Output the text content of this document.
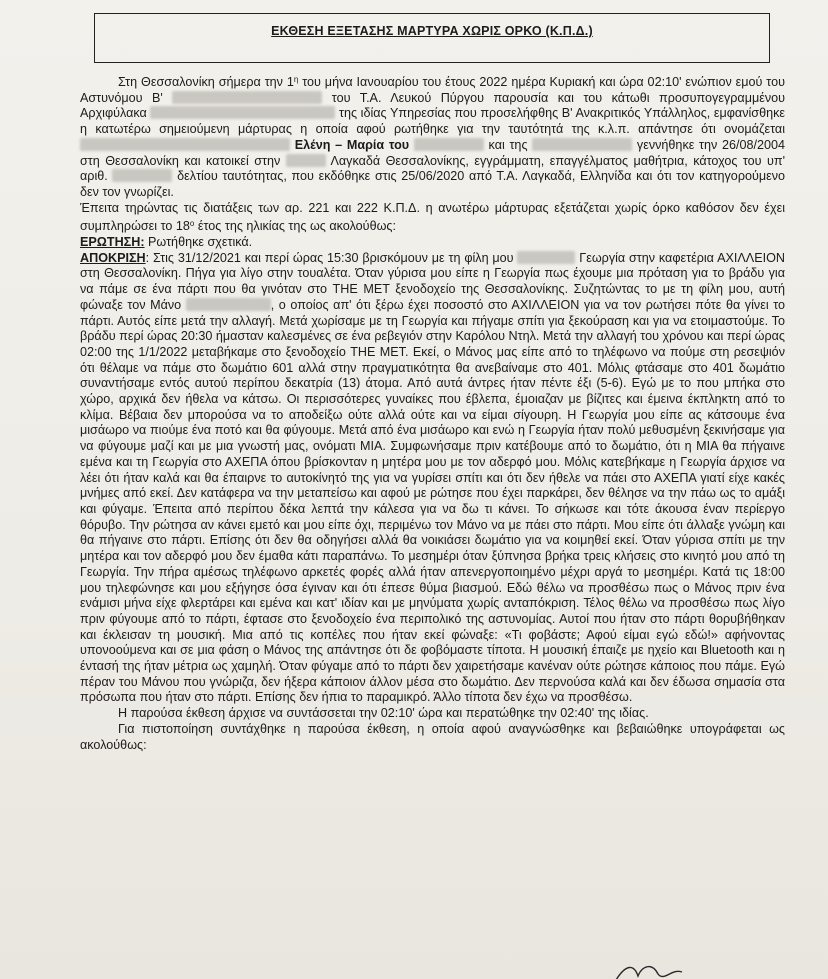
ΕΚΘΕΣΗ ΕΞΕΤΑΣΗΣ ΜΑΡΤΥΡΑ ΧΩΡΙΣ ΟΡΚΟ (Κ.Π.Δ.)

Στη Θεσσαλονίκη σήμερα την $1^\eta$ του μήνα Ιανουαρίου του έτους 2022 ημέρα Κυριακή και ώρα 02:10' ενώπιον εμού του Αστυνόμου Β'	του Τ.Α. Λευκού Πύργου παρουσία και του κάτωθι προσυπογεγραμμένου Αρχιφύλακα	της ιδίας Υπηρεσίας που προσελήφθης Β' Ανακριτικός Υπάλληλος, εμφανίσθηκε η κατωτέρω σημειούμενη μάρτυρας η οποία αφού ρωτήθηκε για την ταυτότητά της κ.λ.π. απάντησε ότι ονομάζεται  Ελένη – Μαρία του	και της	γεννήθηκε την 26/08/2004 στη Θεσσαλονίκη και κατοικεί στην	Λαγκαδά Θεσσαλονίκης, εγγράμματη, επαγγέλματος μαθήτρια, κάτοχος του υπ' αριθ.	δελτίου ταυτότητας, που εκδόθηκε στις 25/06/2020 από Τ.Α. Λαγκαδά, Ελληνίδα και ότι τον κατηγορούμενο δεν τον γνωρίζει.

Έπειτα τηρώντας τις διατάξεις των αρ. 221 και 222 Κ.Π.Δ. η ανωτέρω μάρτυρας εξετάζεται χωρίς όρκο καθόσον δεν έχει συμπληρώσει το $18^o$ έτος της ηλικίας της ως ακολούθως:

ΕΡΩΤΗΣΗ: Ρωτήθηκε σχετικά.

ΑΠΟΚΡΙΣΗ: Στις 31/12/2021 και περί ώρας 15:30 βρισκόμουν με τη φίλη μου	Γεωργία στην καφετέρια ΑΧΙΛΛΕΙΟΝ στη Θεσσαλονίκη. Πήγα για λίγο στην τουαλέτα. Όταν γύρισα μου είπε η Γεωργία πως έχουμε μια πρόταση για το βράδυ για να πάμε σε ένα πάρτι που θα γινόταν στο THE MET ξενοδοχείο της Θεσσαλονίκης. Συζητώντας το με τη φίλη μου, αυτή φώναξε τον Μάνο	, ο οποίος απ' ότι ξέρω έχει ποσοστό στο ΑΧΙΛΛΕΙΟΝ για να τον ρωτήσει πότε θα γίνει το πάρτι. Αυτός είπε μετά την αλλαγή. Μετά χωρίσαμε με τη Γεωργία και πήγαμε σπίτι για ξεκούραση και για να ετοιμαστούμε. Το βράδυ περί ώρας 20:30 ήμασταν καλεσμένες σε ένα ρεβεγιόν στην Καρόλου Ντηλ. Μετά την αλλαγή του χρόνου και περί ώρας 02:00 της 1/1/2022 μεταβήκαμε στο ξενοδοχείο THE MET. Εκεί, ο Μάνος μας είπε από το τηλέφωνο να πούμε στη ρεσεψιόν ότι θέλαμε να πάμε στο δωμάτιο 601 αλλά στην πραγματικότητα θα ανεβαίναμε στο 401. Μόλις φτάσαμε στο 401 δωμάτιο συναντήσαμε εντός αυτού περίπου δεκατρία (13) άτομα. Από αυτά άντρες ήταν πέντε έξι (5-6). Εγώ με το που μπήκα στο χώρο, αρχικά δεν ήθελα να κάτσω. Οι περισσότερες γυναίκες που έβλεπα, έμοιαζαν με βίζιτες και έμεινα έκπληκτη από το κλίμα. Βέβαια δεν μπορούσα να το αποδείξω ούτε αλλά ούτε και να είμαι σίγουρη. Η Γεωργία μου είπε ας κάτσουμε ένα μισάωρο να πιούμε ένα ποτό και θα φύγουμε. Μετά από ένα μισάωρο και ενώ η Γεωργία ήταν πολύ μεθυσμένη ξεκινήσαμε για να φύγουμε μαζί και με μια γνωστή μας, ονόματι ΜΙΑ. Συμφωνήσαμε πριν κατέβουμε από το δωμάτιο, ότι η ΜΙΑ θα πήγαινε εμένα και τη Γεωργία στο ΑΧΕΠΑ όπου βρίσκονταν η μητέρα μου με τον αδερφό μου. Μόλις κατεβήκαμε η Γεωργία άρχισε να λέει ότι ήταν καλά και θα έπαιρνε το αυτοκίνητό της για να γυρίσει σπίτι και ότι δεν ήθελε να πάει στο ΑΧΕΠΑ γιατί είχε κακές μνήμες από εκεί. Δεν κατάφερα να την μεταπείσω και αφού με ρώτησε που έχει παρκάρει, δεν θέλησε να την πάω ως το αμάξι και φύγαμε. Έπειτα από περίπου δέκα λεπτά την κάλεσα για να δω τι κάνει. Το σήκωσε και τότε άκουσα έναν περίεργο θόρυβο. Την ρώτησα αν κάνει εμετό και μου είπε όχι, περιμένω τον Μάνο να με πάει στο πάρτι. Μου είπε ότι άλλαξε γνώμη και θα πήγαινε στο πάρτι. Επίσης ότι δεν θα οδηγήσει αλλά θα νοικιάσει δωμάτιο για να κοιμηθεί εκεί. Όταν γύρισα σπίτι με την μητέρα και τον αδερφό μου δεν έμαθα κάτι παραπάνω. Το μεσημέρι όταν ξύπνησα βρήκα τρεις κλήσεις στο κινητό μου από τη Γεωργία. Την πήρα αμέσως τηλέφωνο αρκετές φορές αλλά ήταν απενεργοποιημένο μέχρι αργά το μεσημέρι. Κατά τις 18:00 μου τηλεφώνησε και μου εξήγησε όσα έγιναν και ότι έπεσε θύμα βιασμού. Εδώ θέλω να προσθέσω πως ο Μάνος πριν ένα ενάμισι μήνα είχε φλερτάρει και εμένα και κατ' ιδίαν και με μηνύματα χωρίς ανταπόκριση. Τέλος θέλω να προσθέσω πως λίγο πριν φύγουμε από το πάρτι, έφτασε στο ξενοδοχείο ένα περιπολικό της αστυνομίας. Αυτοί που ήταν στο πάρτι θορυβήθηκαν και έκλεισαν τη μουσική. Μια από τις κοπέλες που ήταν εκεί φώναξε: «Τι φοβάστε; Αφού είμαι εγώ εδώ!» αφήνοντας υπονοούμενα και σε μια φάση ο Μάνος της απάντησε ότι δε φοβόμαστε τίποτα. Η μουσική έπαιζε με ηχείο και Bluetooth και η έντασή της ήταν μέτρια ως χαμηλή. Όταν φύγαμε από το πάρτι δεν χαιρετήσαμε κανέναν ούτε ρώτησε κάποιος που πάμε. Εγώ πέραν του Μάνου που γνώριζα, δεν ήξερα κάποιον άλλον μέσα στο δωμάτιο. Δεν περνούσα καλά και δεν έδωσα σημασία στα πρόσωπα που ήταν στο πάρτι. Επίσης δεν ήπια το παραμικρό. Άλλο τίποτα δεν έχω να προσθέσω.

Η παρούσα έκθεση άρχισε να συντάσσεται την 02:10' ώρα και περατώθηκε την 02:40' της ιδίας.

Για πιστοποίηση συντάχθηκε η παρούσα έκθεση, η οποία αφού αναγνώσθηκε και βεβαιώθηκε υπογράφεται ως ακολούθως:
